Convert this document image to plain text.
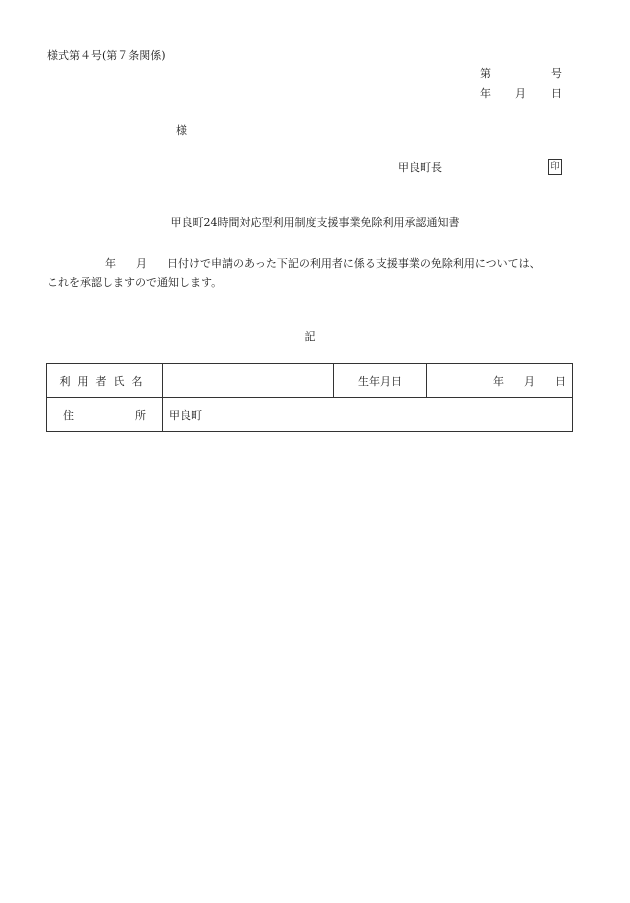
様式第４号(第７条関係)
第	号
年 月 日
様
甲良町長	印
甲良町24時間対応型利用制度支援事業免除利用承認通知書
年 月 日付けで申請のあった下記の利用者に係る支援事業の免除利用については、
これを承認しますので通知します。
記
利用者氏名		生年月日	年 月 日

住 所	甲良町		
